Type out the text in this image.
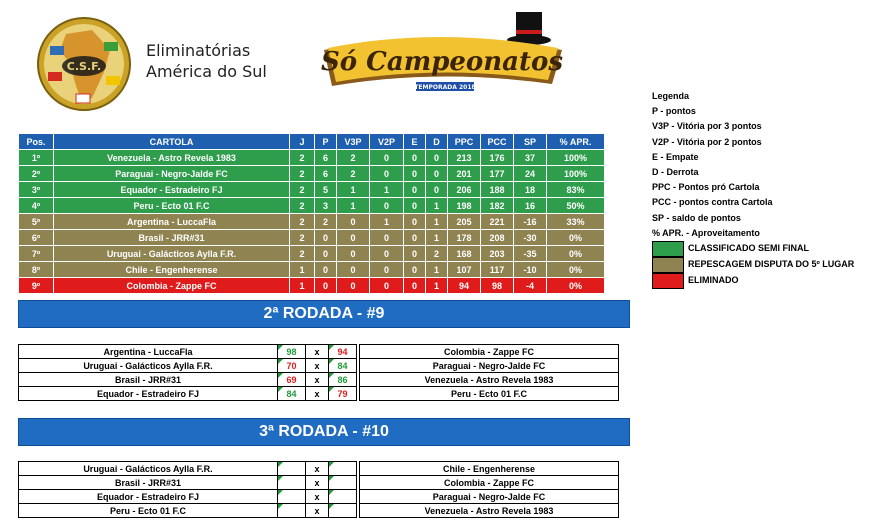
C.S.F.
Eliminatórias
América do Sul Só Campeonatos
TEMPORADA 2018
Pos.	CARTOLA	J	P	V3P	V2P	E	D	PPC	PCC	SP	% APR.
1º	Venezuela - Astro Revela 1983	2	6	2	0	0	0	213	176	37	100%
2º	Paraguai - Negro-Jalde FC	2	6	2	0	0	0	201	177	24	100%
3º	Equador - Estradeiro FJ	2	5	1	1	0	0	206	188	18	83%
4º	Peru - Ecto 01 F.C	2	3	1	0	0	1	198	182	16	50%
5º	Argentina - LuccaFla	2	2	0	1	0	1	205	221	-16	33%
6º	Brasil - JRR#31	2	0	0	0	0	1	178	208	-30	0%
7º	Uruguai - Galácticos Aylla F.R.	2	0	0	0	0	2	168	203	-35	0%
8º	Chile - Engenherense	1	0	0	0	0	1	107	117	-10	0%
9º	Colombia - Zappe FC	1	0	0	0	0	1	94	98	-4	0%
Legenda
P - pontos
V3P - Vitória por 3 pontos
V2P - Vitória por 2 pontos
E - Empate
D - Derrota
PPC - Pontos pró Cartola
PCC - pontos contra Cartola
SP - saldo de pontos
% APR. - Aproveitamento
CLASSIFICADO SEMI FINAL
REPESCAGEM DISPUTA DO 5º LUGAR
ELIMINADO
2ª RODADA - #9
Argentina - LuccaFla	98	x	94		Colombia - Zappe FC
Uruguai - Galácticos Aylla F.R.	70	x	84		Paraguai - Negro-Jalde FC
Brasil - JRR#31	69	x	86		Venezuela - Astro Revela 1983
Equador - Estradeiro FJ	84	x	79		Peru - Ecto 01 F.C
3ª RODADA - #10
Uruguai - Galácticos Aylla F.R.		x			Chile - Engenherense
Brasil - JRR#31		x			Colombia - Zappe FC
Equador - Estradeiro FJ		x			Paraguai - Negro-Jalde FC
Peru - Ecto 01 F.C		x			Venezuela - Astro Revela 1983
